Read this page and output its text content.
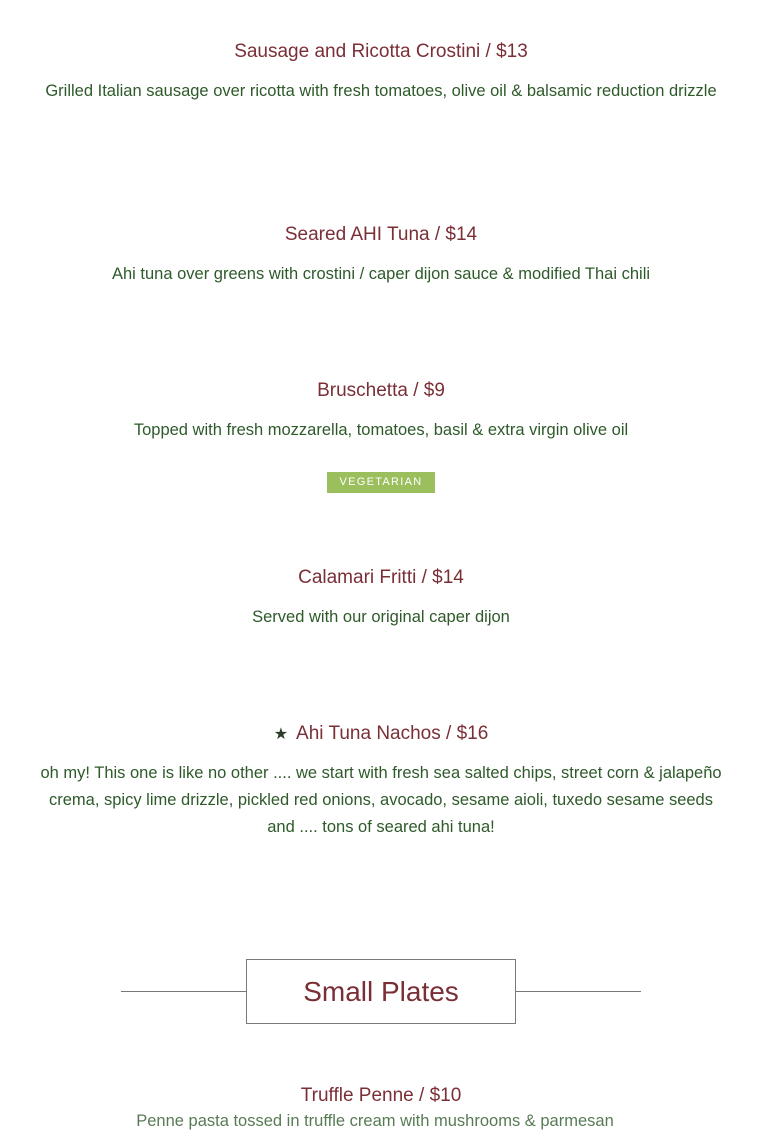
Sausage and Ricotta Crostini / $13
Grilled Italian sausage over ricotta with fresh tomatoes, olive oil & balsamic reduction drizzle
Seared AHI Tuna / $14
Ahi tuna over greens with crostini / caper dijon sauce & modified Thai chili
Bruschetta / $9
Topped with fresh mozzarella, tomatoes, basil & extra virgin olive oil
VEGETARIAN
Calamari Fritti / $14
Served with our original caper dijon
★ Ahi Tuna Nachos / $16
oh my! This one is like no other .... we start with fresh sea salted chips, street corn & jalapeño crema, spicy lime drizzle, pickled red onions, avocado, sesame aioli, tuxedo sesame seeds and .... tons of seared ahi tuna!
Small Plates
Truffle Penne / $10
Penne pasta tossed in truffle cream with mushrooms & parmesan
